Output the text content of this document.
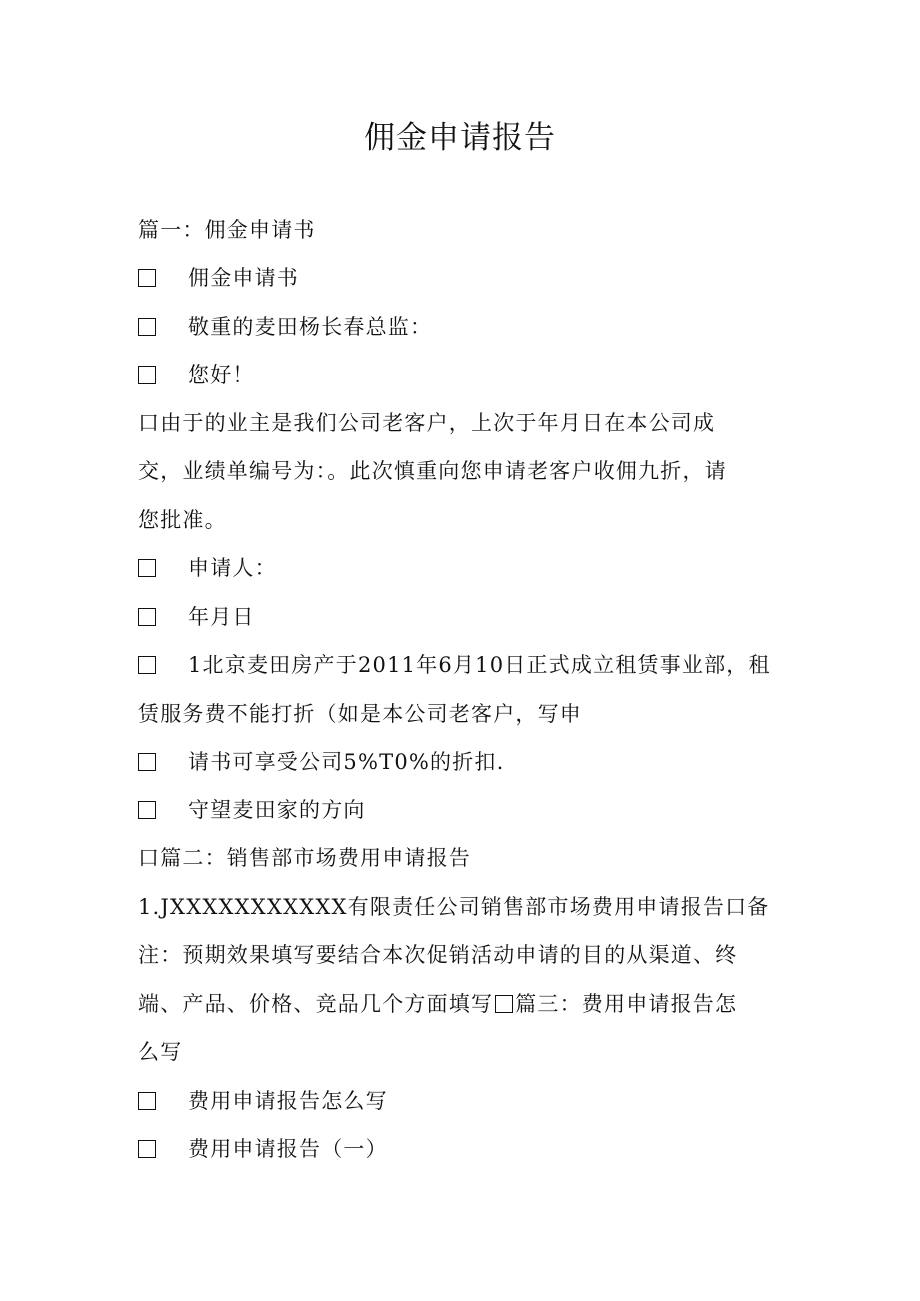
佣金申请报告
篇一：佣金申请书
佣金申请书
敬重的麦田杨长春总监：
您好！
口由于的业主是我们公司老客户，上次于年月日在本公司成
交，业绩单编号为：。此次慎重向您申请老客户收佣九折，请
您批准。
申请人：
年月日
1北京麦田房产于2011年6月10日正式成立租赁事业部，租
赁服务费不能打折（如是本公司老客户，写申
请书可享受公司5%T0%的折扣.
守望麦田家的方向
口篇二：销售部市场费用申请报告
1.JXXXXXXXXXXX有限责任公司销售部市场费用申请报告口备
注：预期效果填写要结合本次促销活动申请的目的从渠道、终
端、产品、价格、竞品几个方面填写 篇三：费用申请报告怎
么写
费用申请报告怎么写
费用申请报告（一）
